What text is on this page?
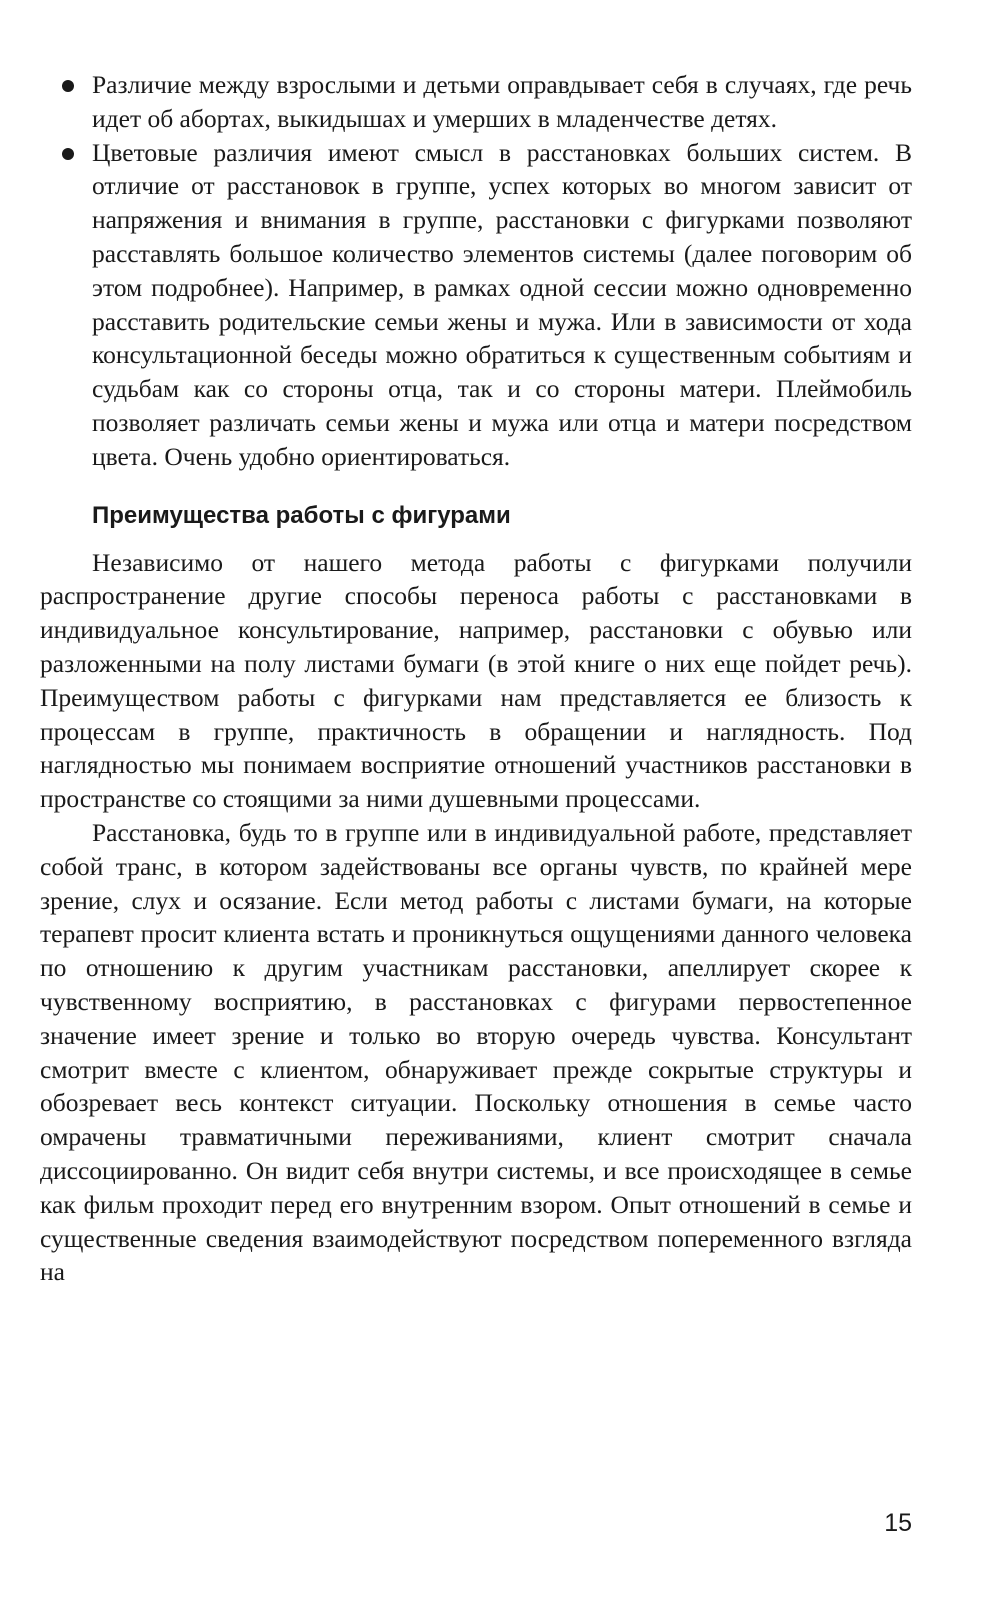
Различие между взрослыми и детьми оправдывает себя в случаях, где речь идет об абортах, выкидышах и умерших в младенчестве детях.

Цветовые различия имеют смысл в расстановках больших систем. В отличие от расстановок в группе, успех которых во многом зависит от напряжения и внимания в группе, расстановки с фигурками позволяют расставлять большое количество элементов системы (далее поговорим об этом подробнее). Например, в рамках одной сессии можно одновременно расставить родительские семьи жены и мужа. Или в зависимости от хода консультационной беседы можно обратиться к существенным событиям и судьбам как со стороны отца, так и со стороны матери. Плеймобиль позволяет различать семьи жены и мужа или отца и матери посредством цвета. Очень удобно ориентироваться.

Преимущества работы с фигурами

Независимо от нашего метода работы с фигурками получили распространение другие способы переноса работы с расстановками в индивидуальное консультирование, например, расстановки с обувью или разложенными на полу листами бумаги (в этой книге о них еще пойдет речь). Преимуществом работы с фигурками нам представляется ее близость к процессам в группе, практичность в обращении и наглядность. Под наглядностью мы понимаем восприятие отношений участников расстановки в пространстве со стоящими за ними душевными процессами.

Расстановка, будь то в группе или в индивидуальной работе, представляет собой транс, в котором задействованы все органы чувств, по крайней мере зрение, слух и осязание. Если метод работы с листами бумаги, на которые терапевт просит клиента встать и проникнуться ощущениями данного человека по отношению к другим участникам расстановки, апеллирует скорее к чувственному восприятию, в расстановках с фигурами первостепенное значение имеет зрение и только во вторую очередь чувства. Консультант смотрит вместе с клиентом, обнаруживает прежде сокрытые структуры и обозревает весь контекст ситуации. Поскольку отношения в семье часто омрачены травматичными переживаниями, клиент смотрит сначала диссоциированно. Он видит себя внутри системы, и все происходящее в семье как фильм проходит перед его внутренним взором. Опыт отношений в семье и существенные сведения взаимодействуют посредством попеременного взгляда на

15
